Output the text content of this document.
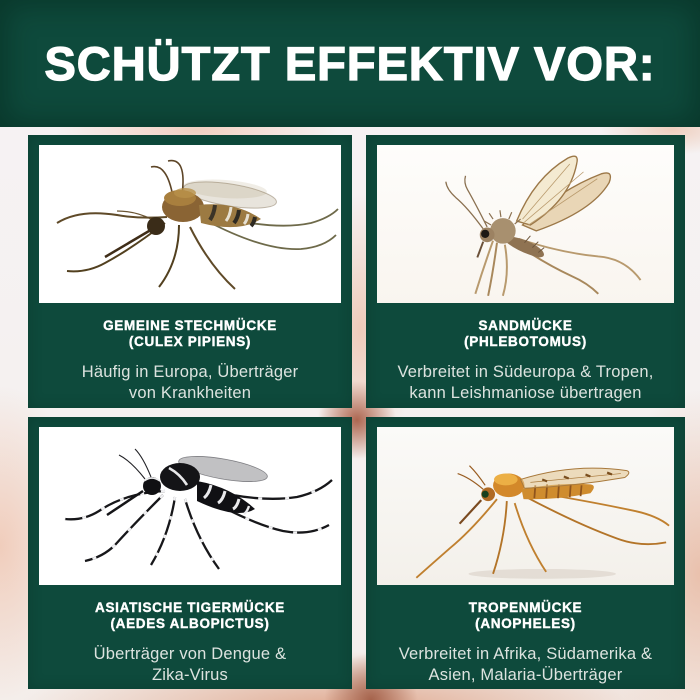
SCHÜTZT EFFEKTIV VOR:
GEMEINE STECHMÜCKE
(CULEX PIPIENS)
Häufig in Europa, Überträger
von Krankheiten
SANDMÜCKE
(PHLEBOTOMUS)
Verbreitet in Südeuropa & Tropen,
kann Leishmaniose übertragen
ASIATISCHE TIGERMÜCKE
(AEDES ALBOPICTUS)
Überträger von Dengue &
Zika-Virus
TROPENMÜCKE
(ANOPHELES)
Verbreitet in Afrika, Südamerika &
Asien, Malaria-Überträger
